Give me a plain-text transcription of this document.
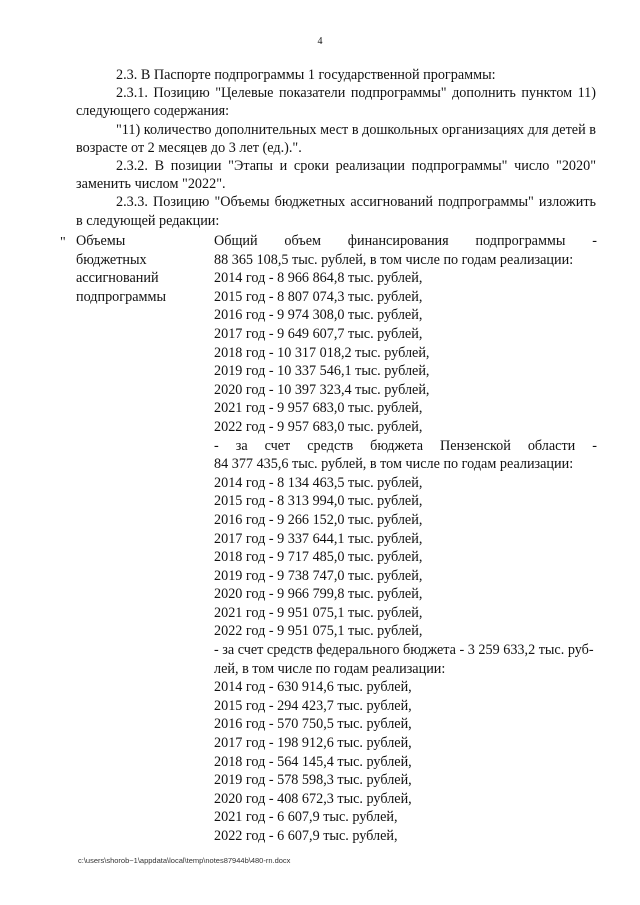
4

2.3. В Паспорте подпрограммы 1 государственной программы:

2.3.1. Позицию "Целевые показатели подпрограммы" дополнить пунктом 11) следующего содержания:

"11) количество дополнительных мест в дошкольных организациях для детей в возрасте от 2 месяцев до 3 лет (ед.).".

2.3.2. В позиции "Этапы и сроки реализации подпрограммы" число "2020" заменить числом "2022".

2.3.3. Позицию "Объемы бюджетных ассигнований подпрограммы" изложить в следующей редакции:

" Объемы
бюджетных
ассигнований
подпрограммы
Общий объем финансирования подпрограммы -
88 365 108,5 тыс. рублей, в том числе по годам реализации:
2014 год - 8 966 864,8 тыс. рублей,
2015 год - 8 807 074,3 тыс. рублей,
2016 год - 9 974 308,0 тыс. рублей,
2017 год - 9 649 607,7 тыс. рублей,
2018 год - 10 317 018,2 тыс. рублей,
2019 год - 10 337 546,1 тыс. рублей,
2020 год - 10 397 323,4 тыс. рублей,
2021 год - 9 957 683,0 тыс. рублей,
2022 год - 9 957 683,0 тыс. рублей,
- за счет средств бюджета Пензенской области -
84 377 435,6 тыс. рублей, в том числе по годам реализации:
2014 год - 8 134 463,5 тыс. рублей,
2015 год - 8 313 994,0 тыс. рублей,
2016 год - 9 266 152,0 тыс. рублей,
2017 год - 9 337 644,1 тыс. рублей,
2018 год - 9 717 485,0 тыс. рублей,
2019 год - 9 738 747,0 тыс. рублей,
2020 год - 9 966 799,8 тыс. рублей,
2021 год - 9 951 075,1 тыс. рублей,
2022 год - 9 951 075,1 тыс. рублей,
- за счет средств федерального бюджета - 3 259 633,2 тыс. руб-
лей, в том числе по годам реализации:
2014 год - 630 914,6 тыс. рублей,
2015 год - 294 423,7 тыс. рублей,
2016 год - 570 750,5 тыс. рублей,
2017 год - 198 912,6 тыс. рублей,
2018 год - 564 145,4 тыс. рублей,
2019 год - 578 598,3 тыс. рублей,
2020 год - 408 672,3 тыс. рублей,
2021 год - 6 607,9 тыс. рублей,
2022 год - 6 607,9 тыс. рублей,
c:\users\shorob~1\appdata\local\temp\notes87944b\480-rn.docx
